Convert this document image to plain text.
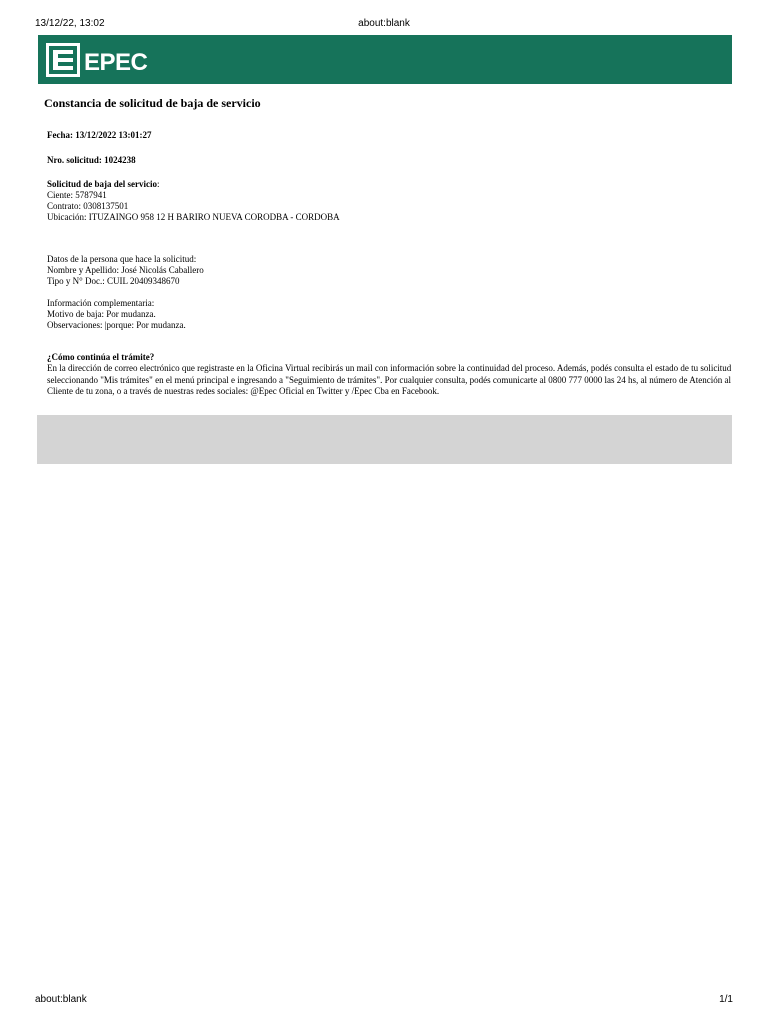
13/12/22, 13:02	about:blank
EPEC
Constancia de solicitud de baja de servicio
Fecha: 13/12/2022 13:01:27
Nro. solicitud: 1024238
Solicitud de baja del servicio:
Ciente: 5787941
Contrato: 0308137501
Ubicación: ITUZAINGO 958 12 H BARIRO NUEVA CORODBA - CORDOBA
Datos de la persona que hace la solicitud:
Nombre y Apellido: José Nicolás Caballero
Tipo y N° Doc.: CUIL 20409348670
Información complementaria:
Motivo de baja: Por mudanza.
Observaciones: |porque: Por mudanza.
¿Cómo continúa el trámite?
En la dirección de correo electrónico que registraste en la Oficina Virtual recibirás un mail con información sobre la continuidad del proceso. Además, podés consulta el estado de tu solicitud seleccionando "Mis trámites" en el menú principal e ingresando a "Seguimiento de trámites". Por cualquier consulta, podés comunicarte al 0800 777 0000 las 24 hs, al número de Atención al Cliente de tu zona, o a través de nuestras redes sociales: @Epec Oficial en Twitter y /Epec Cba en Facebook.
about:blank	1/1
